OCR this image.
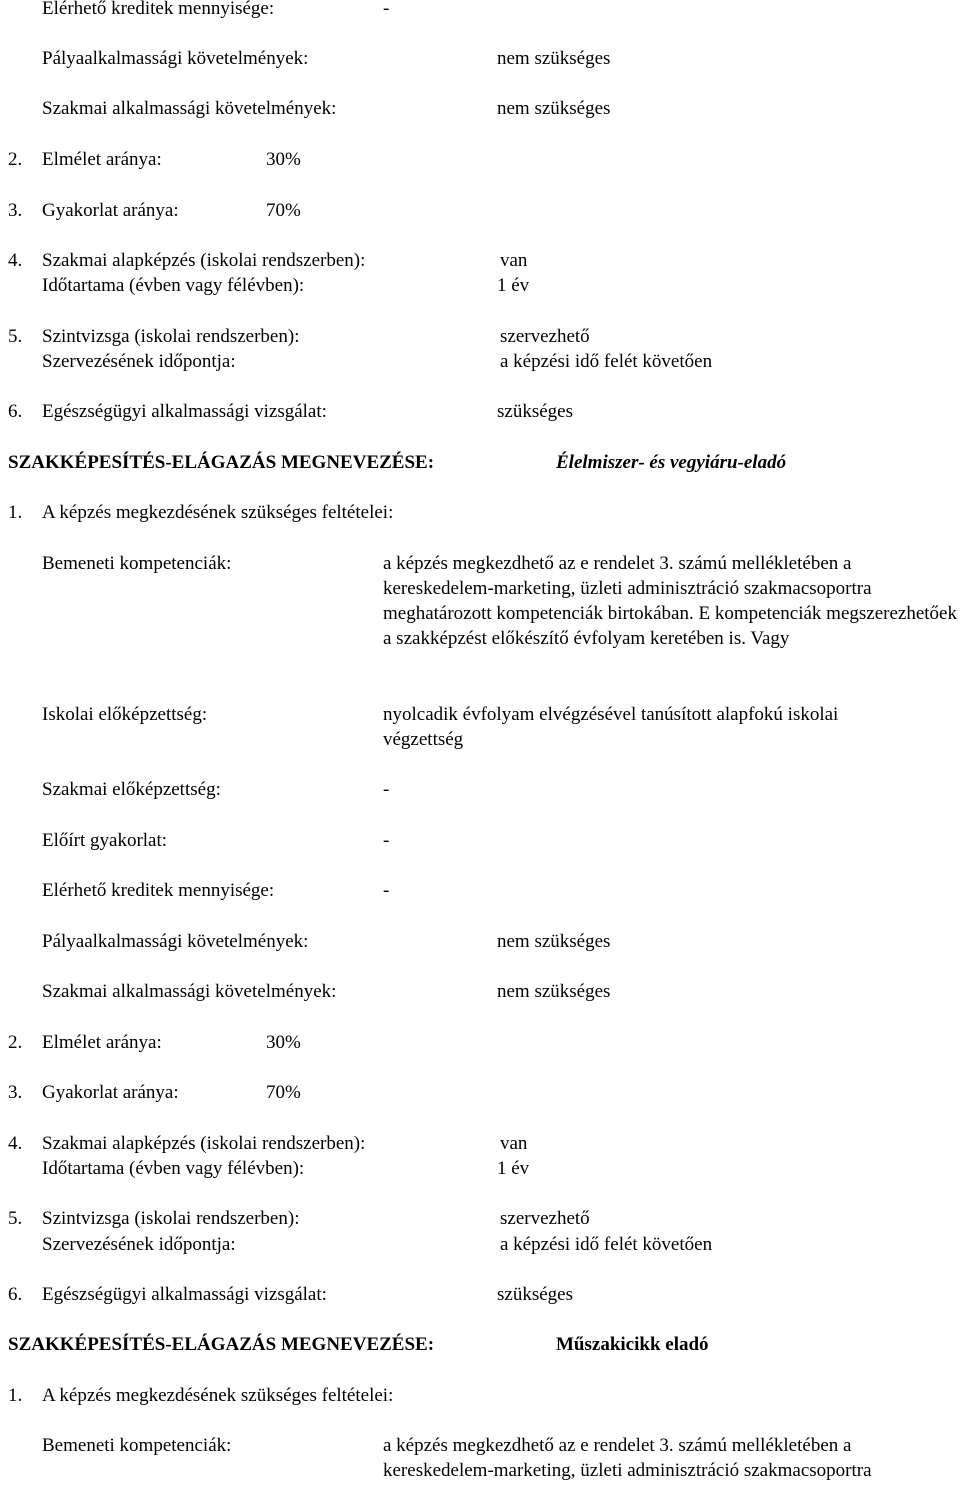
Elérhető kreditek mennyisége:	-
Pályaalkalmassági követelmények:	nem szükséges
Szakmai alkalmassági követelmények:	nem szükséges
2. Elmélet aránya:	30%
3. Gyakorlat aránya:	70%
4. Szakmai alapképzés (iskolai rendszerben):	van
Időtartama (évben vagy félévben):	1 év
5. Szintvizsga (iskolai rendszerben):	szervezhető
Szervezésének időpontja:	a képzési idő felét követően
6. Egészségügyi alkalmassági vizsgálat:	szükséges
SZAKKÉPESÍTÉS-ELÁGAZÁS MEGNEVEZÉSE:	Élelmiszer- és vegyiáru-eladó
1. A képzés megkezdésének szükséges feltételei:
Bemeneti kompetenciák:	a képzés megkezdhető az e rendelet 3. számú mellékletében a kereskedelem-marketing, üzleti adminisztráció szakmacsoportra meghatározott kompetenciák birtokában. E kompetenciák megszerezhetőek a szakképzést előkészítő évfolyam keretében is. Vagy
Iskolai előképzettség:	nyolcadik évfolyam elvégzésével tanúsított alapfokú iskolai végzettség
Szakmai előképzettség:	-
Előírt gyakorlat:	-
Elérhető kreditek mennyisége:	-
Pályaalkalmassági követelmények:	nem szükséges
Szakmai alkalmassági követelmények:	nem szükséges
2. Elmélet aránya:	30%
3. Gyakorlat aránya:	70%
4. Szakmai alapképzés (iskolai rendszerben):	van
Időtartama (évben vagy félévben):	1 év
5. Szintvizsga (iskolai rendszerben):	szervezhető
Szervezésének időpontja:	a képzési idő felét követően
6. Egészségügyi alkalmassági vizsgálat:	szükséges
SZAKKÉPESÍTÉS-ELÁGAZÁS MEGNEVEZÉSE:	Műszakicikk eladó
1. A képzés megkezdésének szükséges feltételei:
Bemeneti kompetenciák:	a képzés megkezdhető az e rendelet 3. számú mellékletében a
kereskedelem-marketing, üzleti adminisztráció szakmacsoportra
